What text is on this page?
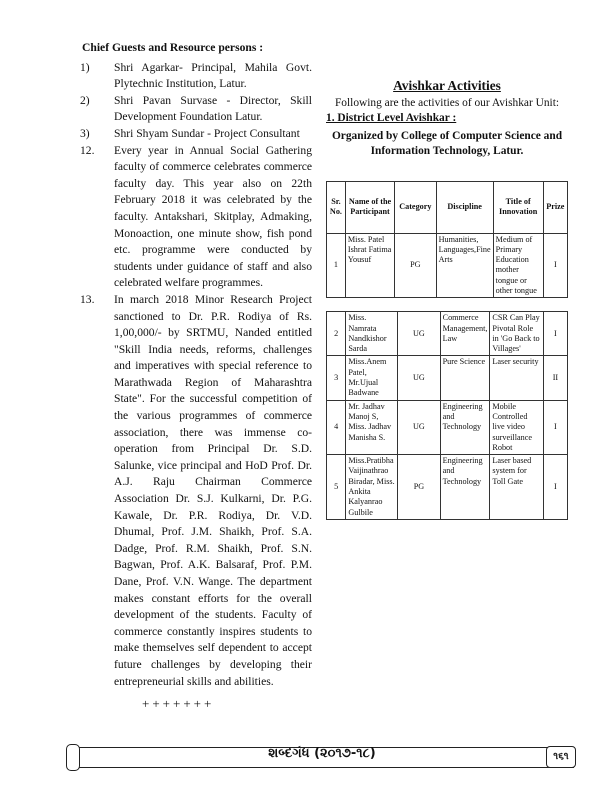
Chief Guests and Resource persons :
1)	Shri Agarkar- Principal, Mahila Govt. Plytechnic Institution, Latur.
2)	Shri Pavan Survase - Director, Skill Development Foundation Latur.
3)	Shri Shyam Sundar - Project Consultant
12.	Every year in Annual Social Gathering faculty of commerce celebrates commerce faculty day. This year also on 22th February 2018 it was celebrated by the faculty. Antakshari, Skitplay, Admaking, Monoaction, one minute show, fish pond etc. programme were conducted by students under guidance of staff and also celebrated welfare programmes.
13.	In march 2018 Minor Research Project sanctioned to Dr. P.R. Rodiya of Rs. 1,00,000/- by SRTMU, Nanded entitled "Skill India needs, reforms, challenges and imperatives with special reference to Marathwada Region of Maharashtra State". For the successful competition of the various programmes of commerce association, there was immense co-operation from Principal Dr. S.D. Salunke, vice principal and HoD Prof. Dr. A.J. Raju Chairman Commerce Association Dr. S.J. Kulkarni, Dr. P.G. Kawale, Dr. P.R. Rodiya, Dr. V.D. Dhumal, Prof. J.M. Shaikh, Prof. S.A. Dadge, Prof. R.M. Shaikh, Prof. S.N. Bagwan, Prof. A.K. Balsaraf, Prof. P.M. Dane, Prof. V.N. Wange. The department makes constant efforts for the overall development of the students. Faculty of commerce constantly inspires students to make themselves self dependent to accept future challenges by developing their entrepreneurial skills and abilities.
+++++++
Avishkar Activities

Following are the activities of our Avishkar Unit:

1. District Level Avishkar :

Organized by College of Computer Science and Information Technology, Latur.

Sr. No.	Name of the Participant	Category	Discipline	Title of Innovation	Prize
1	Miss. Patel Ishrat Fatima Yousuf	PG	Humanities, Languages,Fine Arts	Medium of Primary Education mother tongue or other tongue	I
2	Miss. Namrata Nandkishor Sarda	UG	Commerce Management, Law	CSR Can Play Pivotal Role in 'Go Back to Villages'	I
3	Miss.Anem Patel, Mr.Ujual Badwane	UG	Pure Science	Laser security	II
4	Mr. Jadhav Manoj S, Miss. Jadhav Manisha S.	UG	Engineering and Technology	Mobile Controlled live video surveillance Robot	I
5	Miss.Pratibha Vaijinathrao Biradar, Miss. Ankita Kalyanrao Gulbile	PG	Engineering and Technology	Laser based system for Toll Gate	I
શબ્દગંધ (૨૦૧૭-૧૮)	૧૬૧
